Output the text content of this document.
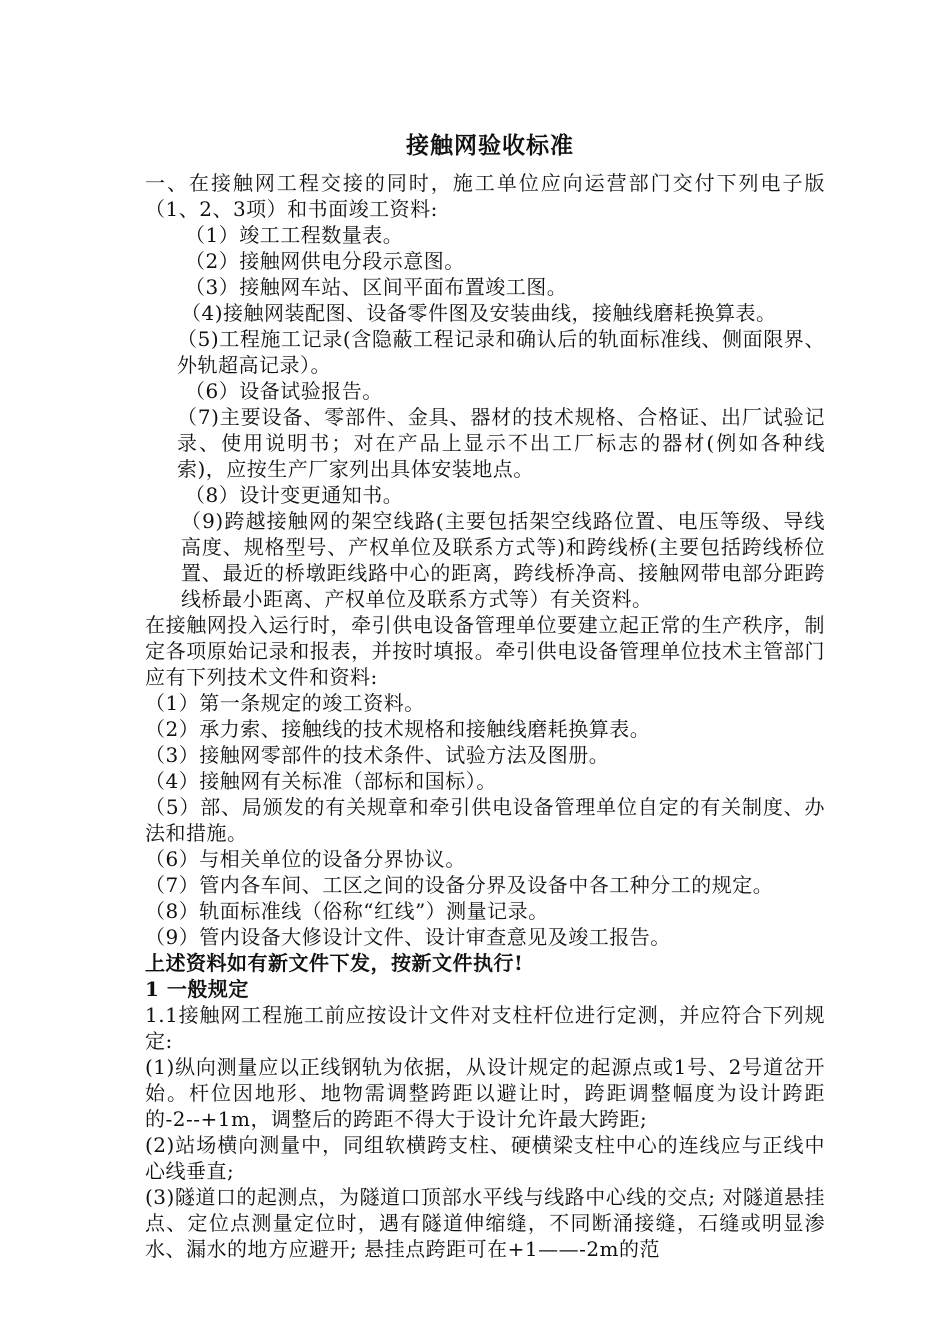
接触网验收标准
一、在接触网工程交接的同时，施工单位应向运营部门交付下列电子版（1、2、3项）和书面竣工资料:
（1）竣工工程数量表。
（2）接触网供电分段示意图。
（3）接触网车站、区间平面布置竣工图。
（4)接触网装配图、设备零件图及安装曲线，接触线磨耗换算表。
（5)工程施工记录(含隐蔽工程记录和确认后的轨面标准线、侧面限界、外轨超高记录）。
（6）设备试验报告。
（7)主要设备、零部件、金具、器材的技术规格、合格证、出厂试验记录、使用说明书；对在产品上显示不出工厂标志的器材(例如各种线索)，应按生产厂家列出具体安装地点。
（8）设计变更通知书。
（9)跨越接触网的架空线路(主要包括架空线路位置、电压等级、导线高度、规格型号、产权单位及联系方式等)和跨线桥(主要包括跨线桥位置、最近的桥墩距线路中心的距离，跨线桥净高、接触网带电部分距跨线桥最小距离、产权单位及联系方式等）有关资料。
在接触网投入运行时，牵引供电设备管理单位要建立起正常的生产秩序，制定各项原始记录和报表，并按时填报。牵引供电设备管理单位技术主管部门应有下列技术文件和资料:
（1）第一条规定的竣工资料。
（2）承力索、接触线的技术规格和接触线磨耗换算表。
（3）接触网零部件的技术条件、试验方法及图册。
（4）接触网有关标准（部标和国标）。
（5）部、局颁发的有关规章和牵引供电设备管理单位自定的有关制度、办法和措施。
（6）与相关单位的设备分界协议。
（7）管内各车间、工区之间的设备分界及设备中各工种分工的规定。
（8）轨面标准线（俗称“红线”）测量记录。
（9）管内设备大修设计文件、设计审查意见及竣工报告。
上述资料如有新文件下发，按新文件执行!
1 一般规定
1.1接触网工程施工前应按设计文件对支柱杆位进行定测，并应符合下列规定:
(1)纵向测量应以正线钢轨为依据，从设计规定的起源点或1号、2号道岔开始。杆位因地形、地物需调整跨距以避让时，跨距调整幅度为设计跨距的-2--+1m，调整后的跨距不得大于设计允许最大跨距;
(2)站场横向测量中，同组软横跨支柱、硬横梁支柱中心的连线应与正线中心线垂直;
(3)隧道口的起测点，为隧道口顶部水平线与线路中心线的交点; 对隧道悬挂点、定位点测量定位时，遇有隧道伸缩缝，不同断涌接缝，石缝或明显渗水、漏水的地方应避开; 悬挂点跨距可在+1——-2m的范
